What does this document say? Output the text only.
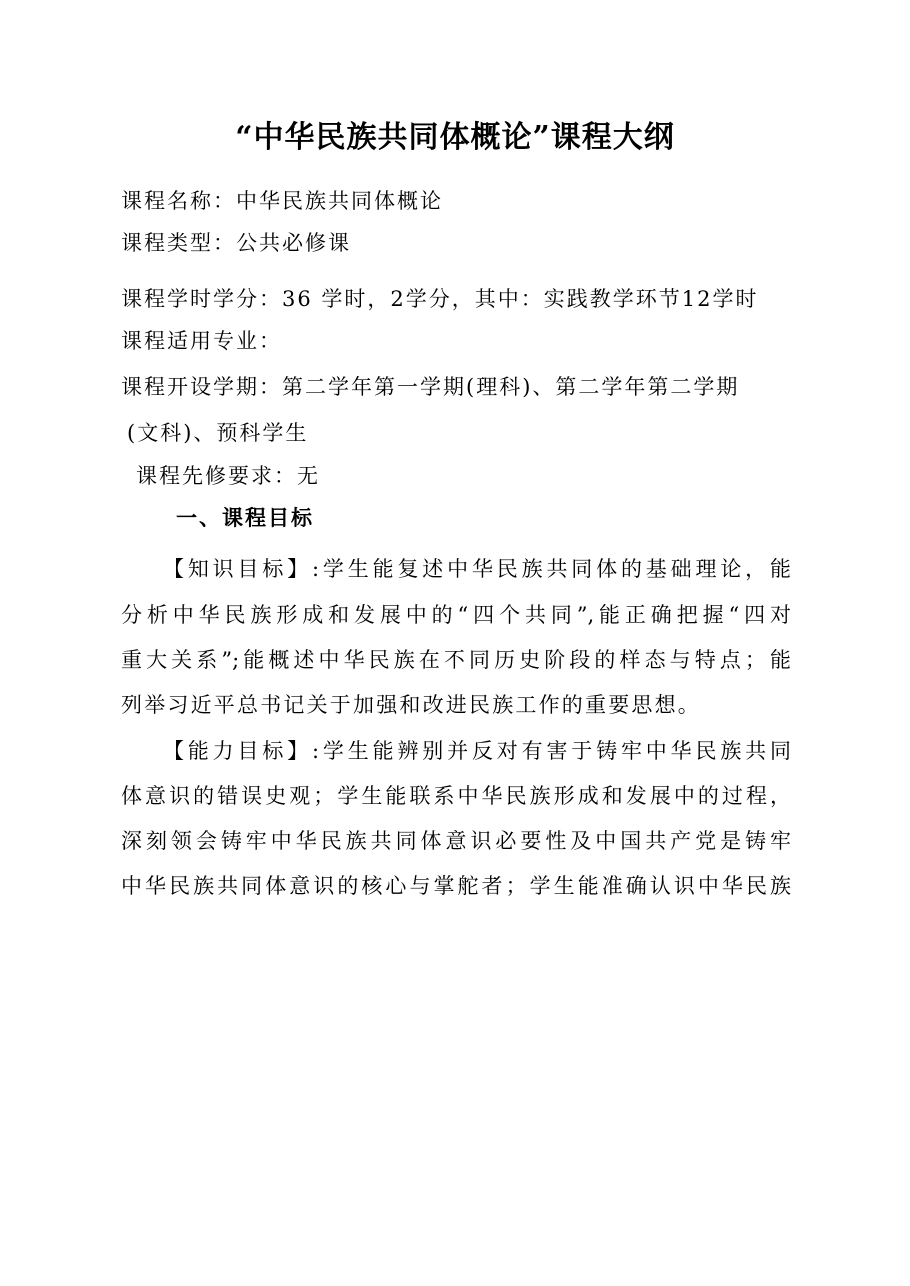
“中华民族共同体概论”课程大纲
课程名称：中华民族共同体概论
课程类型：公共必修课
课程学时学分：36 学时，2学分，其中：实践教学环节12学时
课程适用专业：
课程开设学期：第二学年第一学期(理科)、第二学年第二学期
(文科)、预科学生
课程先修要求：无
一、课程目标
【知识目标】:学生能复述中华民族共同体的基础理论，能
分析中华民族形成和发展中的“四个共同”,能正确把握“四对
重大关系”;能概述中华民族在不同历史阶段的样态与特点；能
列举习近平总书记关于加强和改进民族工作的重要思想。
【能力目标】:学生能辨别并反对有害于铸牢中华民族共同
体意识的错误史观；学生能联系中华民族形成和发展中的过程，
深刻领会铸牢中华民族共同体意识必要性及中国共产党是铸牢
中华民族共同体意识的核心与掌舵者；学生能准确认识中华民族
